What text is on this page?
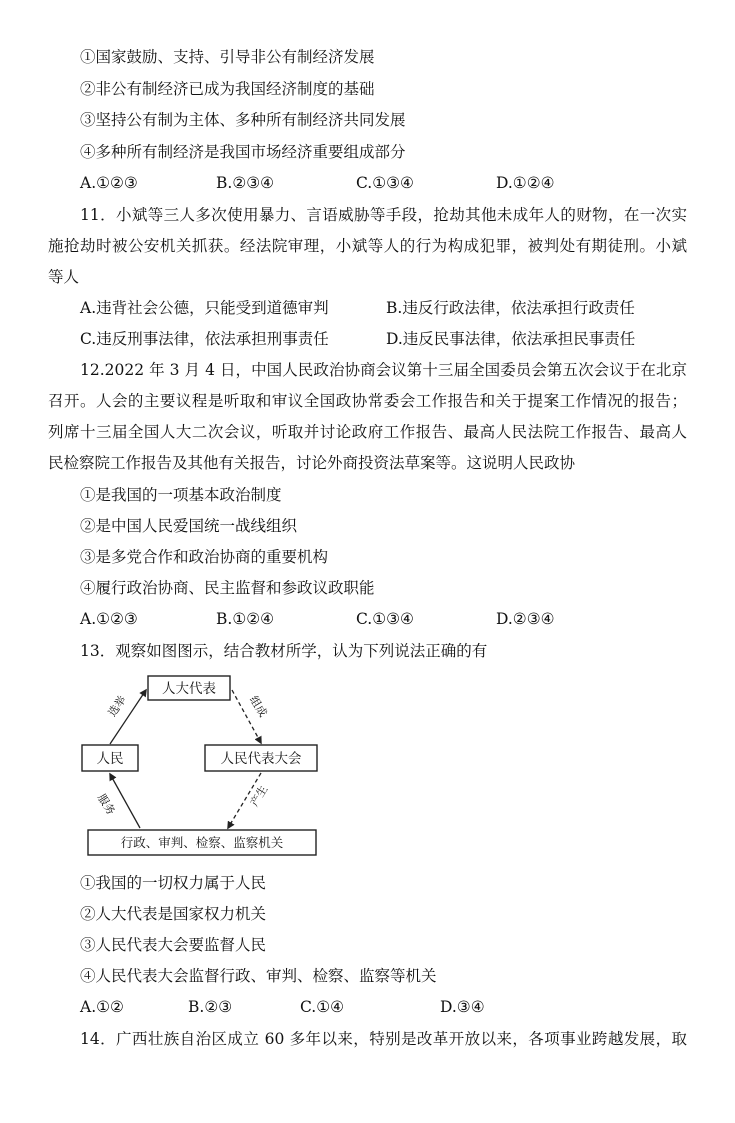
①国家鼓励、支持、引导非公有制经济发展
②非公有制经济已成为我国经济制度的基础
③坚持公有制为主体、多种所有制经济共同发展
④多种所有制经济是我国市场经济重要组成部分
A.①②③	B.②③④	C.①③④	D.①②④
11．小斌等三人多次使用暴力、言语威胁等手段，抢劫其他未成年人的财物，在一次实
施抢劫时被公安机关抓获。经法院审理，小斌等人的行为构成犯罪，被判处有期徒刑。小斌
等人
A.违背社会公德，只能受到道德审判	B.违反行政法律，依法承担行政责任
C.违反刑事法律，依法承担刑事责任	D.违反民事法律，依法承担民事责任
12.2022 年 3 月 4 日，中国人民政治协商会议第十三届全国委员会第五次会议于在北京
召开。人会的主要议程是听取和审议全国政协常委会工作报告和关于提案工作情况的报告；
列席十三届全国人大二次会议，听取并讨论政府工作报告、最高人民法院工作报告、最高人
民检察院工作报告及其他有关报告，讨论外商投资法草案等。这说明人民政协
①是我国的一项基本政治制度
②是中国人民爱国统一战线组织
③是多党合作和政治协商的重要机构
④履行政治协商、民主监督和参政议政职能
A.①②③	B.①②④	C.①③④	D.②③④
13．观察如图图示，结合教材所学，认为下列说法正确的有
人大代表
人民	人民代表大会
行政、审判、检察、监察机关
选举	组成
产生
服务
①我国的一切权力属于人民
②人大代表是国家权力机关
③人民代表大会要监督人民
④人民代表大会监督行政、审判、检察、监察等机关
A.①②	B.②③	C.①④	D.③④
14．广西壮族自治区成立 60 多年以来，特别是改革开放以来，各项事业跨越发展，取
